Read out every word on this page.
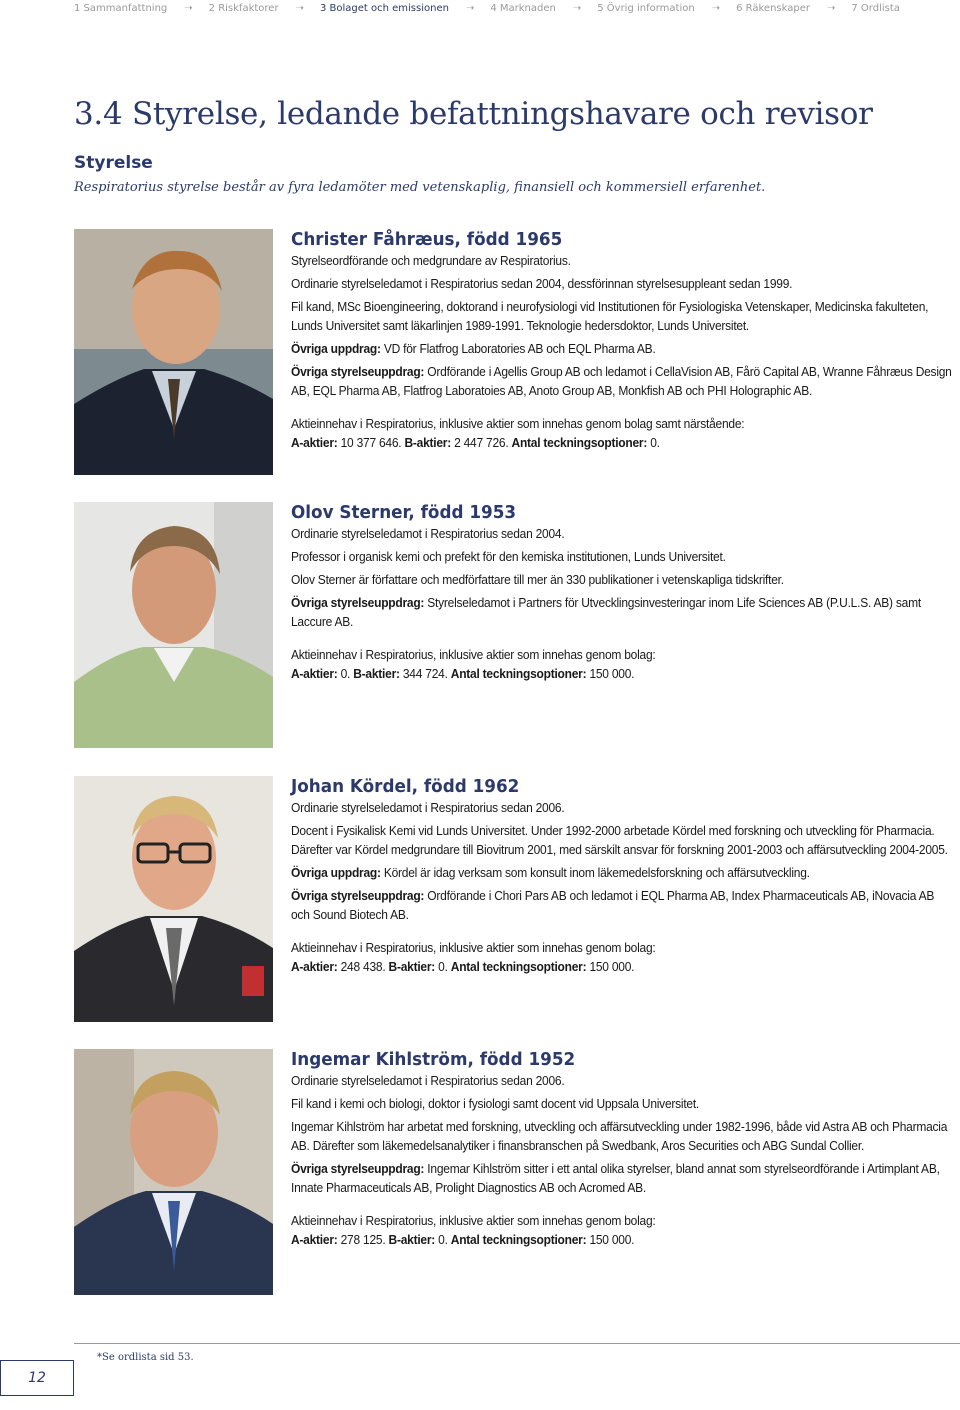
1 Sammanfattning ➝ 2 Riskfaktorer ➝ 3 Bolaget och emissionen ➝ 4 Marknaden ➝ 5 Övrig information ➝ 6 Räkenskaper ➝ 7 Ordlista
3.4 Styrelse, ledande befattningshavare och revisor
Styrelse
Respiratorius styrelse består av fyra ledamöter med vetenskaplig, finansiell och kommersiell erfarenhet.
Christer Fåhræus, född 1965

Styrelseordförande och medgrundare av Respiratorius.

Ordinarie styrelseledamot i Respiratorius sedan 2004, dessförinnan styrelsesuppleant sedan 1999.

Fil kand, MSc Bioengineering, doktorand i neurofysiologi vid Institutionen för Fysiologiska Vetenskaper, Medicinska fakulteten, Lunds Universitet samt läkarlinjen 1989-1991. Teknologie hedersdoktor, Lunds Universitet.

Övriga uppdrag: VD för Flatfrog Laboratories AB och EQL Pharma AB.

Övriga styrelseuppdrag: Ordförande i Agellis Group AB och ledamot i CellaVision AB, Fårö Capital AB, Wranne Fåhræus Design AB, EQL Pharma AB, Flatfrog Laboratoies AB, Anoto Group AB, Monkfish AB och PHI Holographic AB.

Aktieinnehav i Respiratorius, inklusive aktier som innehas genom bolag samt närstående:

A-aktier: 10 377 646. B-aktier: 2 447 726. Antal teckningsoptioner: 0.

Olov Sterner, född 1953

Ordinarie styrelseledamot i Respiratorius sedan 2004.

Professor i organisk kemi och prefekt för den kemiska institutionen, Lunds Universitet.

Olov Sterner är författare och medförfattare till mer än 330 publikationer i vetenskapliga tidskrifter.

Övriga styrelseuppdrag: Styrelseledamot i Partners för Utvecklingsinvesteringar inom Life Sciences AB (P.U.L.S. AB) samt Laccure AB.

Aktieinnehav i Respiratorius, inklusive aktier som innehas genom bolag:

A-aktier: 0. B-aktier: 344 724. Antal teckningsoptioner: 150 000.

Johan Kördel, född 1962

Ordinarie styrelseledamot i Respiratorius sedan 2006.

Docent i Fysikalisk Kemi vid Lunds Universitet. Under 1992-2000 arbetade Kördel med forskning och utveckling för Pharmacia. Därefter var Kördel medgrundare till Biovitrum 2001, med särskilt ansvar för forskning 2001-2003 och affärsutveckling 2004-2005.

Övriga uppdrag: Kördel är idag verksam som konsult inom läkemedelsforskning och affärsutveckling.

Övriga styrelseuppdrag: Ordförande i Chori Pars AB och ledamot i EQL Pharma AB, Index Pharmaceuticals AB, iNovacia AB och Sound Biotech AB.

Aktieinnehav i Respiratorius, inklusive aktier som innehas genom bolag:

A-aktier: 248 438. B-aktier: 0. Antal teckningsoptioner: 150 000.

Ingemar Kihlström, född 1952

Ordinarie styrelseledamot i Respiratorius sedan 2006.

Fil kand i kemi och biologi, doktor i fysiologi samt docent vid Uppsala Universitet.

Ingemar Kihlström har arbetat med forskning, utveckling och affärsutveckling under 1982-1996, både vid Astra AB och Pharmacia AB. Därefter som läkemedelsanalytiker i finansbranschen på Swedbank, Aros Securities och ABG Sundal Collier.

Övriga styrelseuppdrag: Ingemar Kihlström sitter i ett antal olika styrelser, bland annat som styrelseordförande i Artimplant AB, Innate Pharmaceuticals AB, Prolight Diagnostics AB och Acromed AB.

Aktieinnehav i Respiratorius, inklusive aktier som innehas genom bolag:

A-aktier: 278 125. B-aktier: 0. Antal teckningsoptioner: 150 000.

12
*Se ordlista sid 53.
